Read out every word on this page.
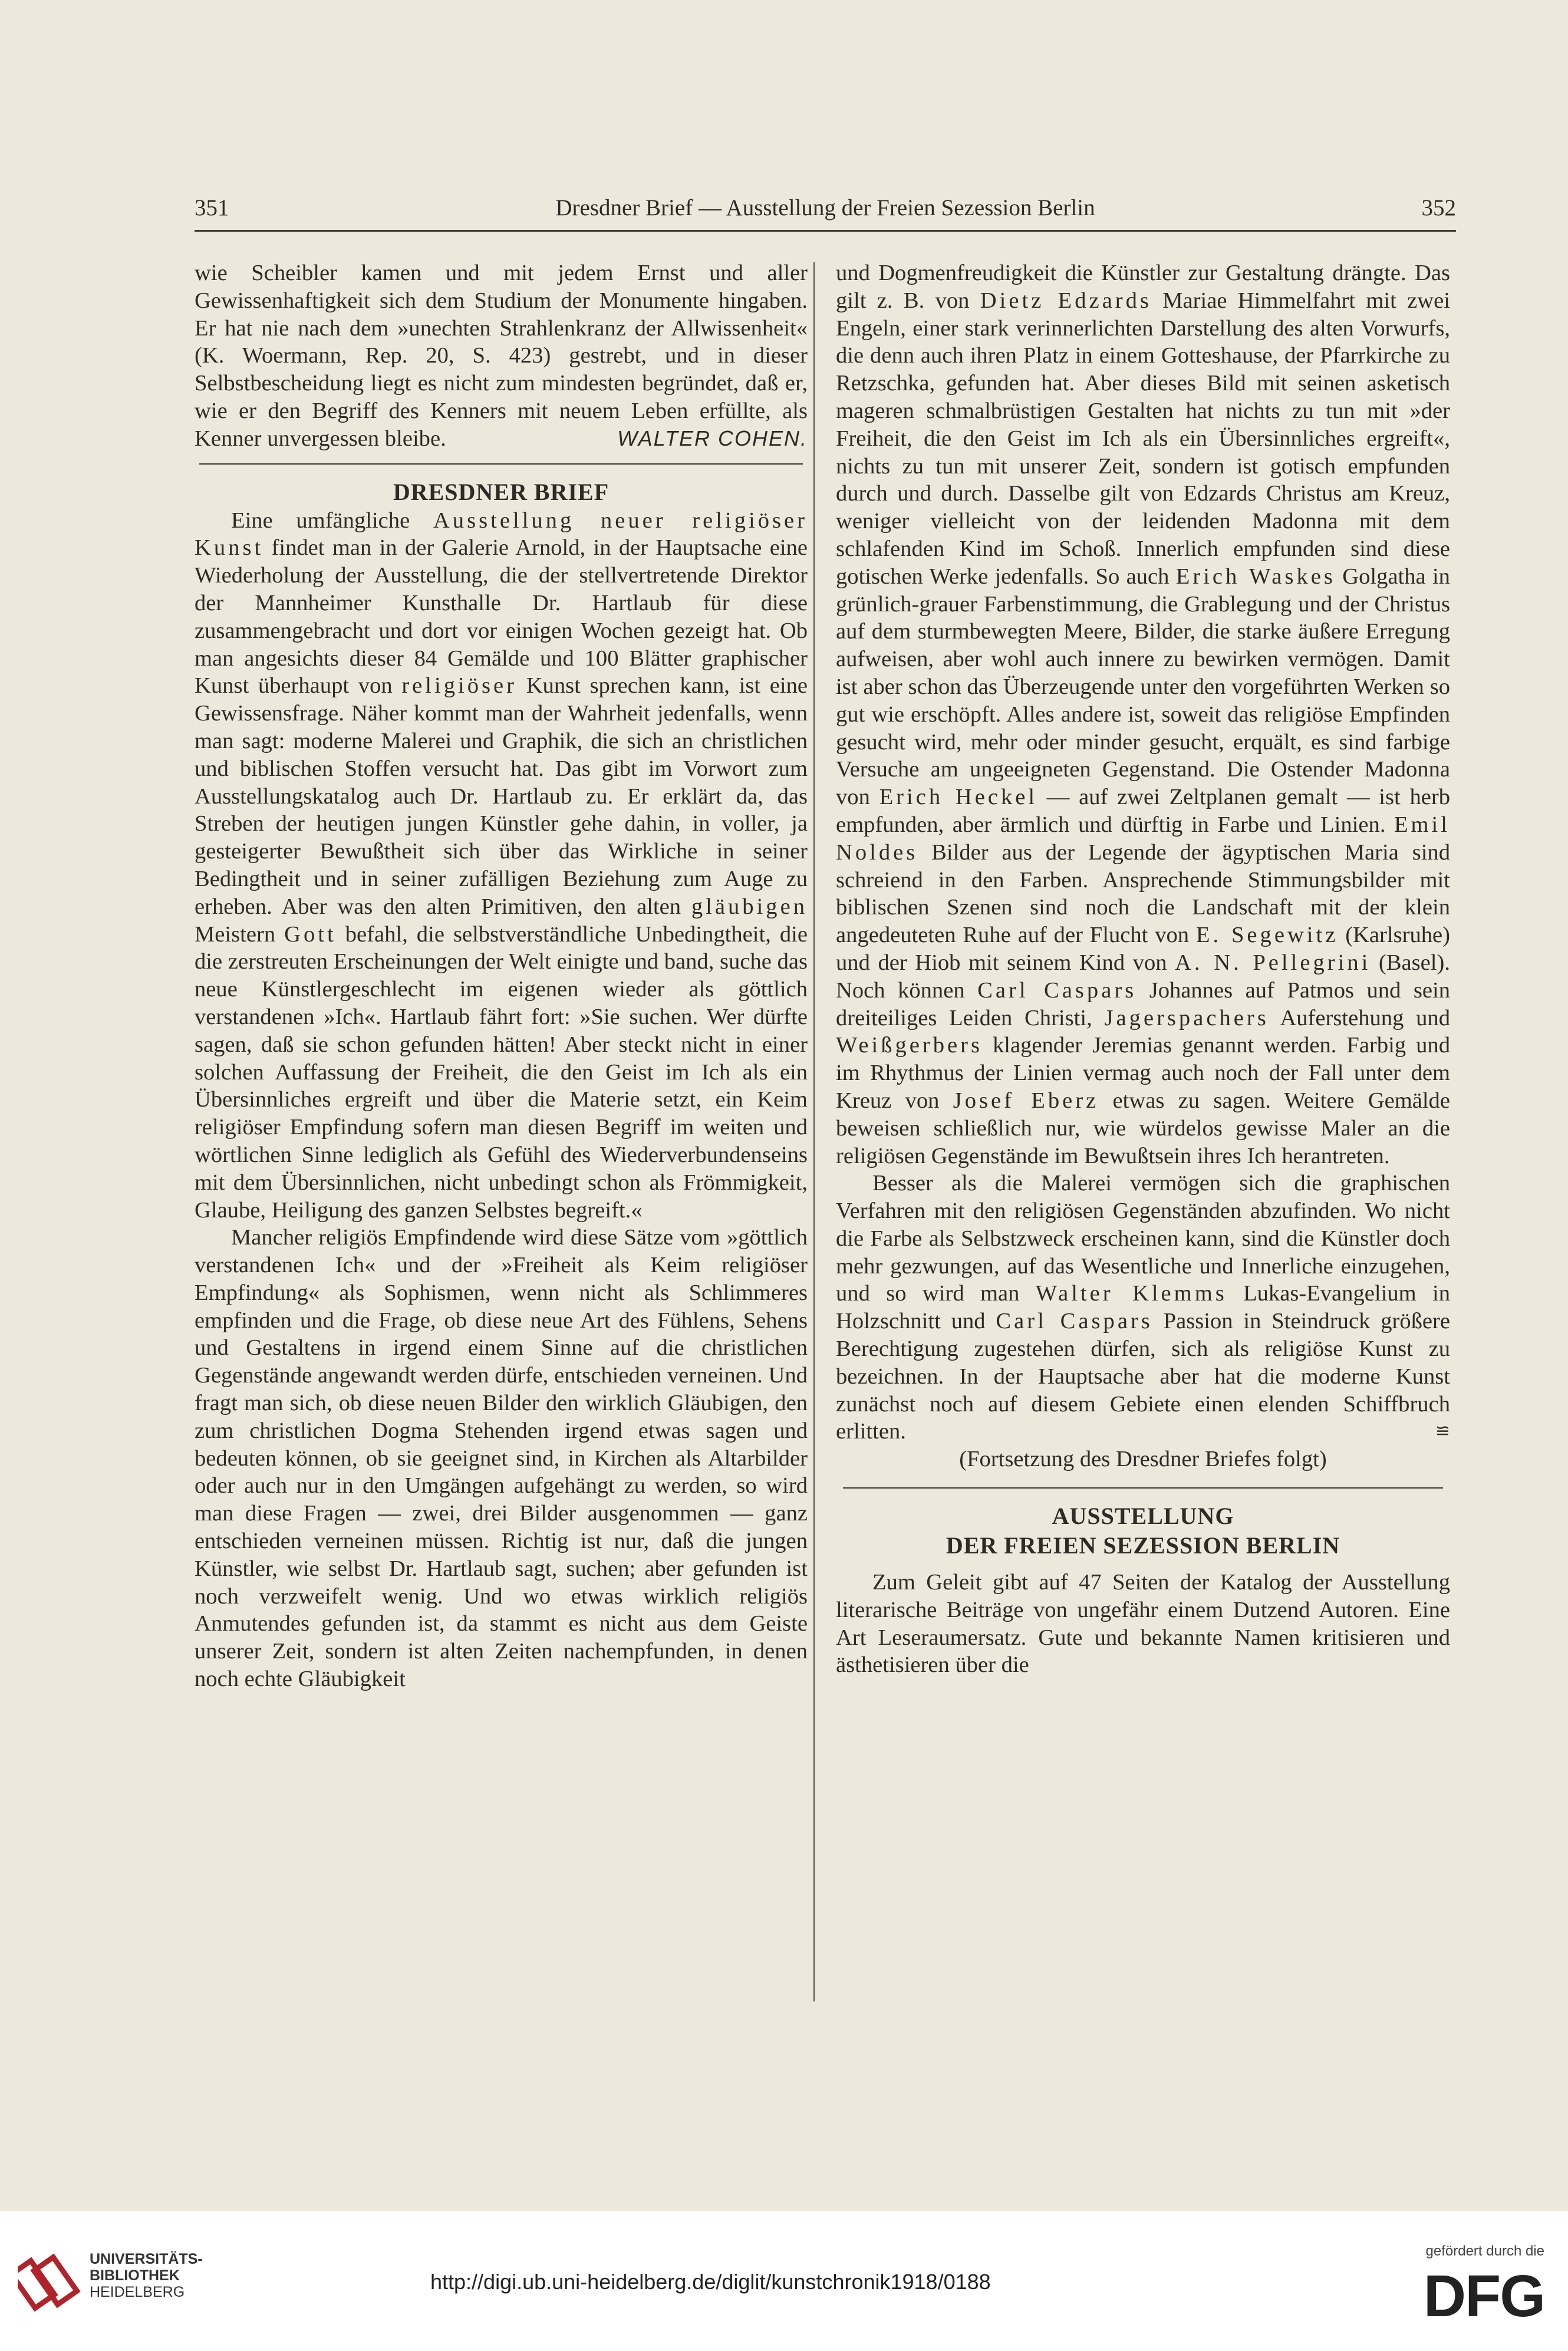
351	Dresdner Brief — Ausstellung der Freien Sezession Berlin	352

wie Scheibler kamen und mit jedem Ernst und aller Gewissenhaftigkeit sich dem Studium der Monumente hingaben. Er hat nie nach dem »unechten Strahlenkranz der Allwissenheit« (K. Woermann, Rep. 20, S. 423) gestrebt, und in dieser Selbstbescheidung liegt es nicht zum mindesten begründet, daß er, wie er den Begriff des Kenners mit neuem Leben erfüllte, als Kenner unvergessen bleibe.	WALTER COHEN.

DRESDNER BRIEF

Eine umfängliche Ausstellung neuer religiöser Kunst findet man in der Galerie Arnold, in der Hauptsache eine Wiederholung der Ausstellung, die der stellvertretende Direktor der Mannheimer Kunsthalle Dr. Hartlaub für diese zusammengebracht und dort vor einigen Wochen gezeigt hat. Ob man angesichts dieser 84 Gemälde und 100 Blätter graphischer Kunst überhaupt von religiöser Kunst sprechen kann, ist eine Gewissensfrage. Näher kommt man der Wahrheit jedenfalls, wenn man sagt: moderne Malerei und Graphik, die sich an christlichen und biblischen Stoffen versucht hat. Das gibt im Vorwort zum Ausstellungskatalog auch Dr. Hartlaub zu. Er erklärt da, das Streben der heutigen jungen Künstler gehe dahin, in voller, ja gesteigerter Bewußtheit sich über das Wirkliche in seiner Bedingtheit und in seiner zufälligen Beziehung zum Auge zu erheben. Aber was den alten Primitiven, den alten gläubigen Meistern Gott befahl, die selbstverständliche Unbedingtheit, die die zerstreuten Erscheinungen der Welt einigte und band, suche das neue Künstlergeschlecht im eigenen wieder als göttlich verstandenen »Ich«. Hartlaub fährt fort: »Sie suchen. Wer dürfte sagen, daß sie schon gefunden hätten! Aber steckt nicht in einer solchen Auffassung der Freiheit, die den Geist im Ich als ein Übersinnliches ergreift und über die Materie setzt, ein Keim religiöser Empfindung sofern man diesen Begriff im weiten und wörtlichen Sinne lediglich als Gefühl des Wiederverbundenseins mit dem Übersinnlichen, nicht unbedingt schon als Frömmigkeit, Glaube, Heiligung des ganzen Selbstes begreift.«

Mancher religiös Empfindende wird diese Sätze vom »göttlich verstandenen Ich« und der »Freiheit als Keim religiöser Empfindung« als Sophismen, wenn nicht als Schlimmeres empfinden und die Frage, ob diese neue Art des Fühlens, Sehens und Gestaltens in irgend einem Sinne auf die christlichen Gegenstände angewandt werden dürfe, entschieden verneinen. Und fragt man sich, ob diese neuen Bilder den wirklich Gläubigen, den zum christlichen Dogma Stehenden irgend etwas sagen und bedeuten können, ob sie geeignet sind, in Kirchen als Altarbilder oder auch nur in den Umgängen aufgehängt zu werden, so wird man diese Fragen — zwei, drei Bilder ausgenommen — ganz entschieden verneinen müssen. Richtig ist nur, daß die jungen Künstler, wie selbst Dr. Hartlaub sagt, suchen; aber gefunden ist noch verzweifelt wenig. Und wo etwas wirklich religiös Anmutendes gefunden ist, da stammt es nicht aus dem Geiste unserer Zeit, sondern ist alten Zeiten nachempfunden, in denen noch echte Gläubigkeit

und Dogmenfreudigkeit die Künstler zur Gestaltung drängte. Das gilt z. B. von Dietz Edzards Mariae Himmelfahrt mit zwei Engeln, einer stark verinnerlichten Darstellung des alten Vorwurfs, die denn auch ihren Platz in einem Gotteshause, der Pfarrkirche zu Retzschka, gefunden hat. Aber dieses Bild mit seinen asketisch mageren schmalbrüstigen Gestalten hat nichts zu tun mit »der Freiheit, die den Geist im Ich als ein Übersinnliches ergreift«, nichts zu tun mit unserer Zeit, sondern ist gotisch empfunden durch und durch. Dasselbe gilt von Edzards Christus am Kreuz, weniger vielleicht von der leidenden Madonna mit dem schlafenden Kind im Schoß. Innerlich empfunden sind diese gotischen Werke jedenfalls. So auch Erich Waskes Golgatha in grünlich-grauer Farbenstimmung, die Grablegung und der Christus auf dem sturmbewegten Meere, Bilder, die starke äußere Erregung aufweisen, aber wohl auch innere zu bewirken vermögen. Damit ist aber schon das Überzeugende unter den vorgeführten Werken so gut wie erschöpft. Alles andere ist, soweit das religiöse Empfinden gesucht wird, mehr oder minder gesucht, erquält, es sind farbige Versuche am ungeeigneten Gegenstand. Die Ostender Madonna von Erich Heckel — auf zwei Zeltplanen gemalt — ist herb empfunden, aber ärmlich und dürftig in Farbe und Linien. Emil Noldes Bilder aus der Legende der ägyptischen Maria sind schreiend in den Farben. Ansprechende Stimmungsbilder mit biblischen Szenen sind noch die Landschaft mit der klein angedeuteten Ruhe auf der Flucht von E. Segewitz (Karlsruhe) und der Hiob mit seinem Kind von A. N. Pellegrini (Basel). Noch können Carl Caspars Johannes auf Patmos und sein dreiteiliges Leiden Christi, Jagerspachers Auferstehung und Weißgerbers klagender Jeremias genannt werden. Farbig und im Rhythmus der Linien vermag auch noch der Fall unter dem Kreuz von Josef Eberz etwas zu sagen. Weitere Gemälde beweisen schließlich nur, wie würdelos gewisse Maler an die religiösen Gegenstände im Bewußtsein ihres Ich herantreten.

Besser als die Malerei vermögen sich die graphischen Verfahren mit den religiösen Gegenständen abzufinden. Wo nicht die Farbe als Selbstzweck erscheinen kann, sind die Künstler doch mehr gezwungen, auf das Wesentliche und Innerliche einzugehen, und so wird man Walter Klemms Lukas-Evangelium in Holzschnitt und Carl Caspars Passion in Steindruck größere Berechtigung zugestehen dürfen, sich als religiöse Kunst zu bezeichnen. In der Hauptsache aber hat die moderne Kunst zunächst noch auf diesem Gebiete einen elenden Schiffbruch erlitten.	≌

(Fortsetzung des Dresdner Briefes folgt)

AUSSTELLUNG
DER FREIEN SEZESSION BERLIN

Zum Geleit gibt auf 47 Seiten der Katalog der Ausstellung literarische Beiträge von ungefähr einem Dutzend Autoren. Eine Art Leseraumersatz. Gute und bekannte Namen kritisieren und ästhetisieren über die

UNIVERSITÄTS-
BIBLIOTHEK
HEIDELBERG	http://digi.ub.uni-heidelberg.de/diglit/kunstchronik1918/0188
gefördert durch die
DFG
